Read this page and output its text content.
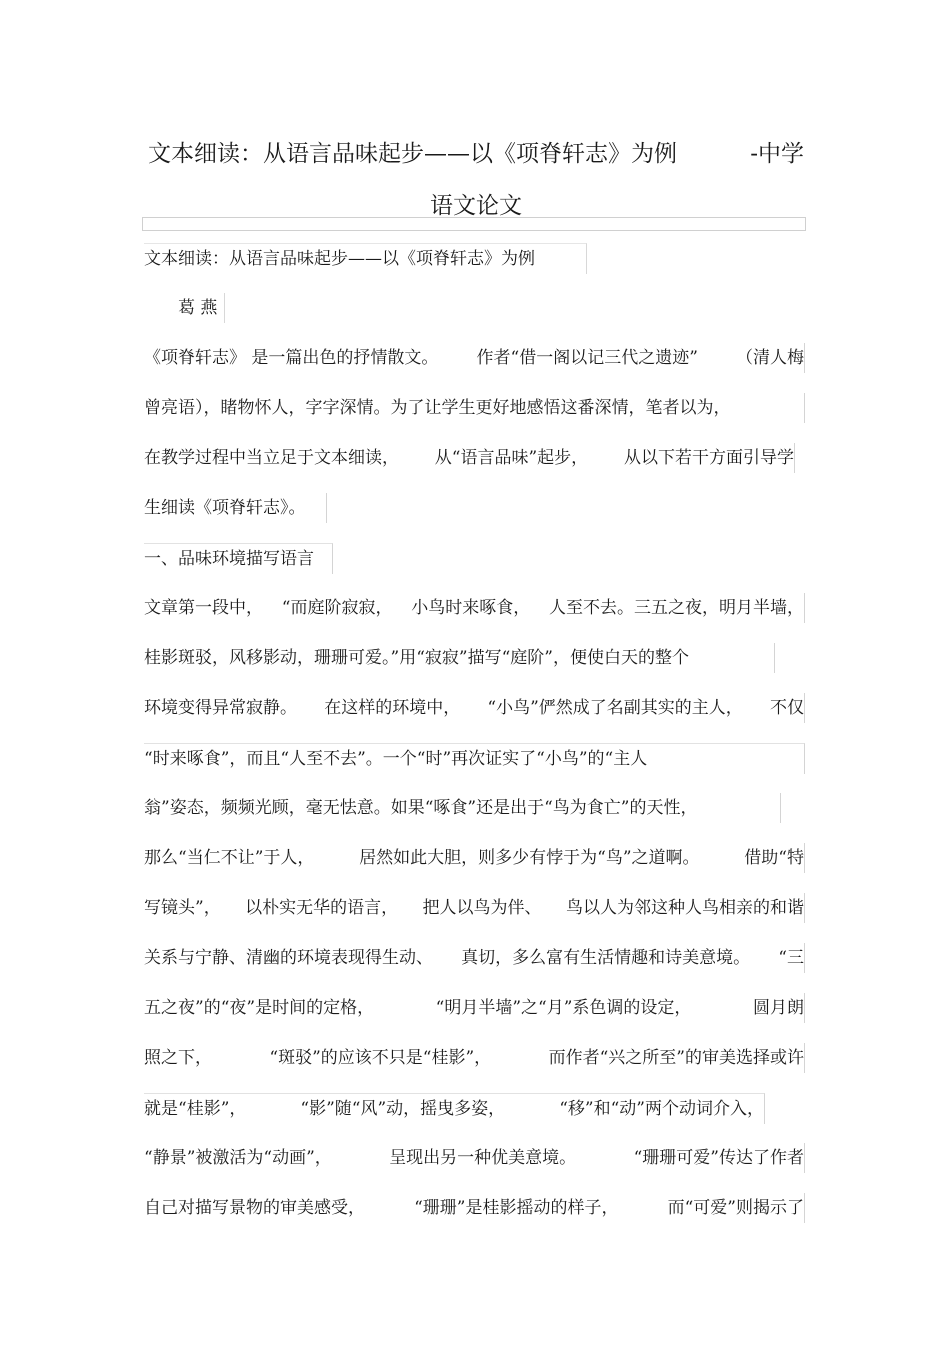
文本细读：从语言品味起步——以《项脊轩志》为例	-中学
语文论文
文本细读：从语言品味起步——以《项脊轩志》为例
葛 燕
《项脊轩志》 是一篇出色的抒情散文。 作者“借一阁以记三代之遗迹” （清人梅
曾亮语），睹物怀人，字字深情。为了让学生更好地感悟这番深情，笔者以为，
在教学过程中当立足于文本细读， 从“语言品味”起步， 从以下若干方面引导学
生细读《项脊轩志》。
文章第一段中， “而庭阶寂寂， 小鸟时来啄食， 人至不去。三五之夜，明月半墙，
桂影斑驳，风移影动，珊珊可爱。”用“寂寂”描写“庭阶”，便使白天的整个
环境变得异常寂静。 在这样的环境中， “小鸟”俨然成了名副其实的主人， 不仅
“时来啄食”，而且“人至不去”。一个“时”再次证实了“小鸟”的“主人
翁”姿态，频频光顾，毫无怯意。如果“啄食”还是出于“鸟为食亡”的天性，
那么“当仁不让”于人，	居然如此大胆，则多少有悖于为“鸟”之道啊。	借助“特
写镜头”， 以朴实无华的语言， 把人以鸟为伴、 鸟以人为邻这种人鸟相亲的和谐
关系与宁静、清幽的环境表现得生动、 真切，多么富有生活情趣和诗美意境。 “三
五之夜”的“夜”是时间的定格，	“明月半墙”之“月”系色调的设定，	圆月朗
照之下，	“斑驳”的应该不只是“桂影”，	而作者“兴之所至”的审美选择或许
就是“桂影”，	“影”随“风”动，摇曳多姿，	“移”和“动”两个动词介入，
“静景”被激活为“动画”，	呈现出另一种优美意境。	“珊珊可爱”传达了作者
自己对描写景物的审美感受，	“珊珊”是桂影摇动的样子，	而“可爱”则揭示了
一、品味环境描写语言
